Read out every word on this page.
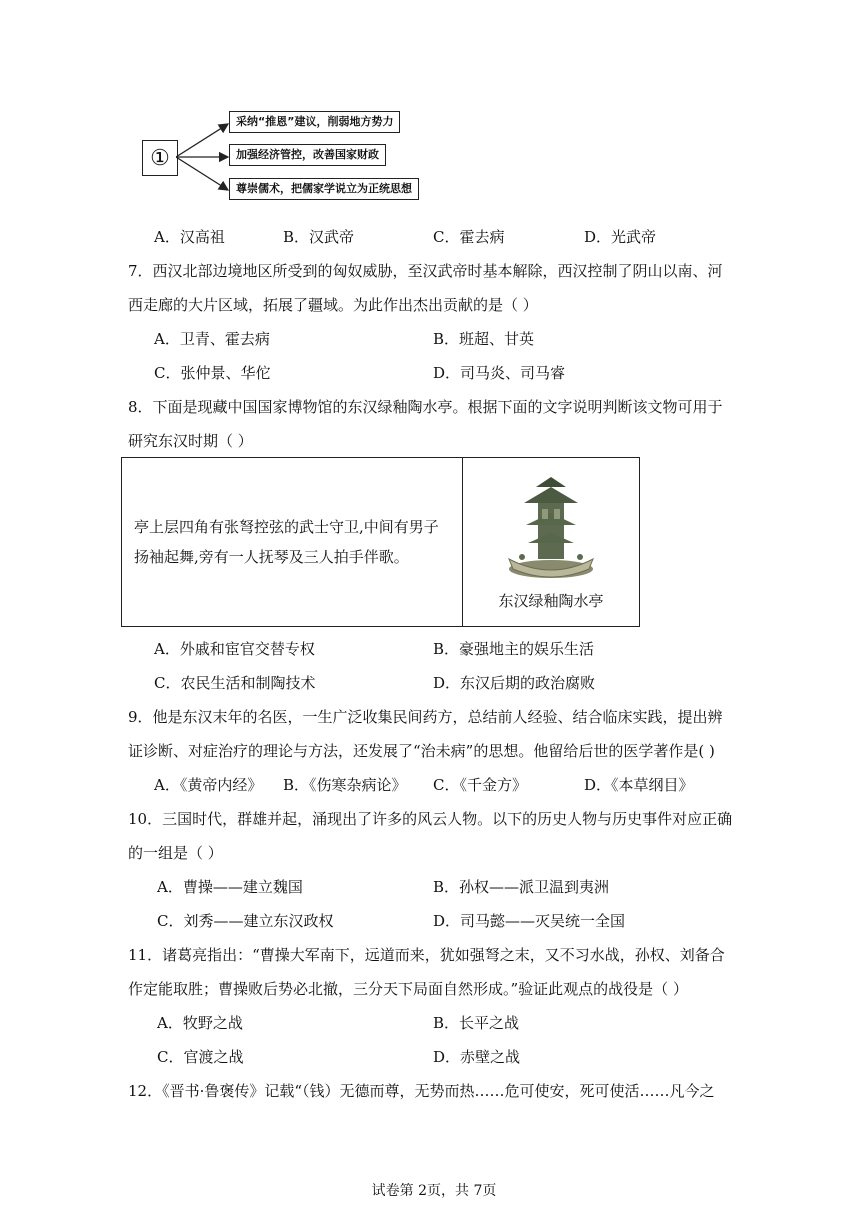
①
采纳“推恩”建议，削弱地方势力
加强经济管控，改善国家财政
尊崇儒术，把儒家学说立为正统思想
A．汉高祖	B．汉武帝	C．霍去病	D．光武帝
7．西汉北部边境地区所受到的匈奴威胁，至汉武帝时基本解除，西汉控制了阴山以南、河
西走廊的大片区域，拓展了疆域。为此作出杰出贡献的是（ ）
A．卫青、霍去病	B．班超、甘英
C．张仲景、华佗	D．司马炎、司马睿
8．下面是现藏中国国家博物馆的东汉绿釉陶水亭。根据下面的文字说明判断该文物可用于
研究东汉时期（ ）
亭上层四角有张弩控弦的武士守卫,中间有男子
扬袖起舞,旁有一人抚琴及三人拍手伴歌。

东汉绿釉陶水亭
A．外戚和宦官交替专权	B．豪强地主的娱乐生活
C．农民生活和制陶技术	D．东汉后期的政治腐败
9．他是东汉末年的名医，一生广泛收集民间药方，总结前人经验、结合临床实践，提出辨
证诊断、对症治疗的理论与方法，还发展了“治未病”的思想。他留给后世的医学著作是( )
A．《黄帝内经》 B．《伤寒杂病论》 C．《千金方》	D．《本草纲目》
10．三国时代，群雄并起，涌现出了许多的风云人物。以下的历史人物与历史事件对应正确
的一组是（ ）
A．曹操——建立魏国	B．孙权——派卫温到夷洲
C．刘秀——建立东汉政权	D．司马懿——灭吴统一全国
11．诸葛亮指出：“曹操大军南下，远道而来，犹如强弩之末，又不习水战，孙权、刘备合
作定能取胜；曹操败后势必北撤，三分天下局面自然形成。”验证此观点的战役是（ ）
A．牧野之战	B．长平之战
C．官渡之战	D．赤壁之战
12．《晋书·鲁褒传》记载“（钱）无德而尊，无势而热……危可使安，死可使活……凡今之
试卷第 2页，共 7页
